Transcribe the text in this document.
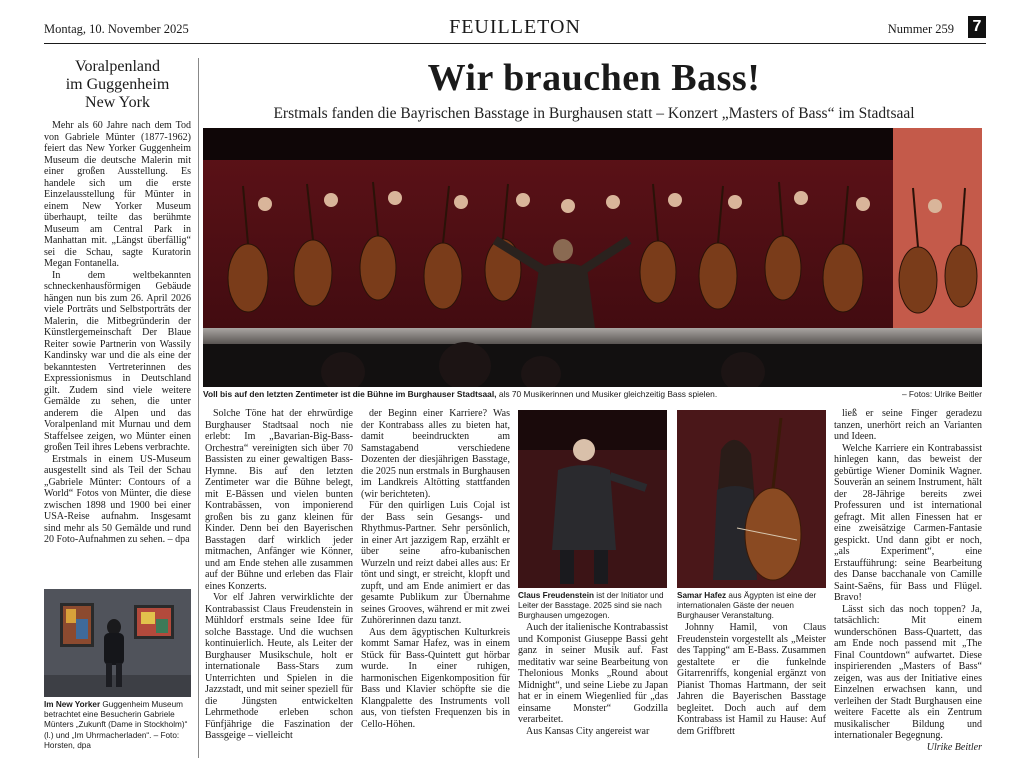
Montag, 10. November 2025	FEUILLETON	Nummer 259 7
Voralpenland
im Guggenheim
New York

Mehr als 60 Jahre nach dem Tod von Gabriele Münter (1877-1962) feiert das New Yorker Guggenheim Museum die deutsche Malerin mit einer großen Ausstellung. Es handele sich um die erste Einzelausstellung für Münter in einem New Yorker Museum überhaupt, teilte das berühmte Museum am Central Park in Manhattan mit. „Längst überfällig“ sei die Schau, sagte Kuratorin Megan Fontanella.

In dem weltbekannten schneckenhausförmigen Gebäude hängen nun bis zum 26. April 2026 viele Porträts und Selbstporträts der Malerin, die Mitbegründerin der Künstlergemeinschaft Der Blaue Reiter sowie Partnerin von Wassily Kandinsky war und die als eine der bekanntesten Vertreterinnen des Expressionismus in Deutschland gilt. Zudem sind viele weitere Gemälde zu sehen, die unter anderem die Alpen und das Voralpenland mit Murnau und dem Staffelsee zeigen, wo Münter einen großen Teil ihres Lebens verbrachte.

Erstmals in einem US-Museum ausgestellt sind als Teil der Schau „Gabriele Münter: Contours of a World“ Fotos von Münter, die diese zwischen 1898 und 1900 bei einer USA-Reise aufnahm. Insgesamt sind mehr als 50 Gemälde und rund 20 Foto-Aufnahmen zu sehen. – dpa

Im New Yorker Guggenheim Museum betrachtet eine Besucherin Gabriele Münters „Zukunft (Dame in Stockholm)“ (l.) und „Im Uhrmacherladen“. – Foto: Horsten, dpa
Wir brauchen Bass!
Erstmals fanden die Bayrischen Basstage in Burghausen statt – Konzert „Masters of Bass“ im Stadtsaal
Voll bis auf den letzten Zentimeter ist die Bühne im Burghauser Stadtsaal, als 70 Musikerinnen und Musiker gleichzeitig Bass spielen.	– Fotos: Ulrike Beitler

Solche Töne hat der ehrwürdige Burghauser Stadtsaal noch nie erlebt: Im „Bavarian-Big-Bass-Orchestra“ vereinigten sich über 70 Bassisten zu einer gewaltigen Bass-Hymne. Bis auf den letzten Zentimeter war die Bühne belegt, mit E-Bässen und vielen bunten Kontrabässen, von imponierend großen bis zu ganz kleinen für Kinder. Denn bei den Bayerischen Basstagen darf wirklich jeder mitmachen, Anfänger wie Könner, und am Ende stehen alle zusammen auf der Bühne und erleben das Flair eines Konzerts.

Vor elf Jahren verwirklichte der Kontrabassist Claus Freudenstein in Mühldorf erstmals seine Idee für solche Basstage. Und die wuchsen kontinuierlich. Heute, als Leiter der Burghauser Musikschule, holt er internationale Bass-Stars zum Unterrichten und Spielen in die Jazzstadt, und mit seiner speziell für die Jüngsten entwickelten Lehrmethode erleben schon Fünfjährige die Faszination der Bassgeige – vielleicht

der Beginn einer Karriere? Was der Kontrabass alles zu bieten hat, damit beeindruckten am Samstagabend verschiedene Dozenten der diesjährigen Basstage, die 2025 nun erstmals in Burghausen im Landkreis Altötting stattfanden (wir berichteten).

Für den quirligen Luis Cojal ist der Bass sein Gesangs- und Rhythmus-Partner. Sehr persönlich, in einer Art jazzigem Rap, erzählt er über seine afro-kubanischen Wurzeln und reizt dabei alles aus: Er tönt und singt, er streicht, klopft und zupft, und am Ende animiert er das gesamte Publikum zur Übernahme seines Grooves, während er mit zwei Zuhörerinnen dazu tanzt.

Aus dem ägyptischen Kulturkreis kommt Samar Hafez, was in einem Stück für Bass-Quintett gut hörbar wurde. In einer ruhigen, harmonischen Eigenkomposition für Bass und Klavier schöpfte sie die Klangpalette des Instruments voll aus, von tiefsten Frequenzen bis in Cello-Höhen.

Claus Freudenstein ist der Initiator und Leiter der Basstage. 2025 sind sie nach Burghausen umgezogen.
Samar Hafez aus Ägypten ist eine der internationalen Gäste der neuen Burghauser Veranstaltung.

Auch der italienische Kontrabassist und Komponist Giuseppe Bassi geht ganz in seiner Musik auf. Fast meditativ war seine Bearbeitung von Thelonious Monks „Round about Midnight“, und seine Liebe zu Japan hat er in einem Wiegenlied für „das einsame Monster“ Godzilla verarbeitet.

Aus Kansas City angereist war

Johnny Hamil, von Claus Freudenstein vorgestellt als „Meister des Tapping“ am E-Bass. Zusammen gestaltete er die funkelnde Gitarrenriffs, kongenial ergänzt von Pianist Thomas Hartmann, der seit Jahren die Bayerischen Basstage begleitet. Doch auch auf dem Kontrabass ist Hamil zu Hause: Auf dem Griffbrett

ließ er seine Finger geradezu tanzen, unerhört reich an Varianten und Ideen.

Welche Karriere ein Kontrabassist hinlegen kann, das beweist der gebürtige Wiener Dominik Wagner. Souverän an seinem Instrument, hält der 28-Jährige bereits zwei Professuren und ist international gefragt. Mit allen Finessen hat er eine zweisätzige Carmen-Fantasie gespickt. Und dann gibt er noch, „als Experiment“, eine Erstaufführung: seine Bearbeitung des Danse bacchanale von Camille Saint-Saëns, für Bass und Flügel. Bravo!

Lässt sich das noch toppen? Ja, tatsächlich: Mit einem wunderschönen Bass-Quartett, das am Ende noch passend mit „The Final Countdown“ aufwartet. Diese inspirierenden „Masters of Bass“ zeigen, was aus der Initiative eines Einzelnen erwachsen kann, und verleihen der Stadt Burghausen eine weitere Facette als ein Zentrum musikalischer Bildung und internationaler Begegnung.

Ulrike Beitler
